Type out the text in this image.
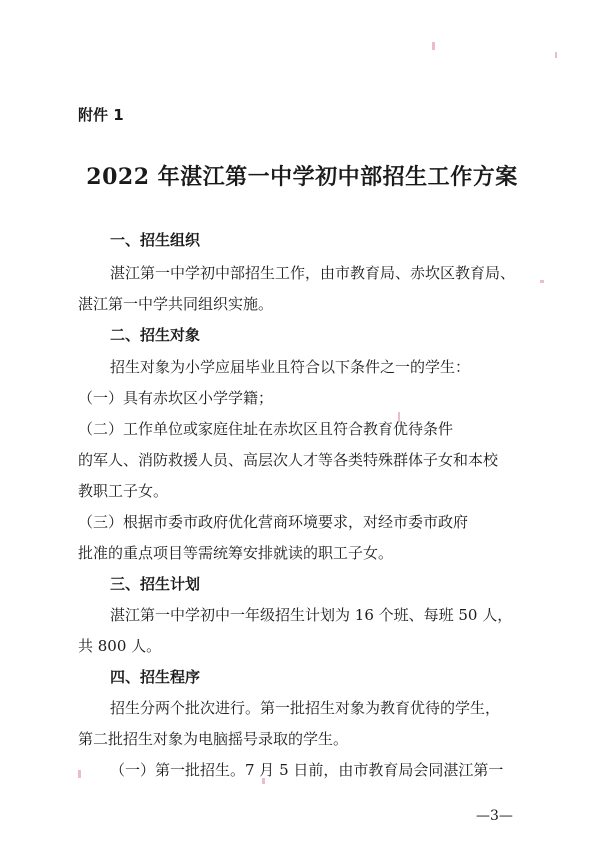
附件 1
2022 年湛江第一中学初中部招生工作方案
一、招生组织
湛江第一中学初中部招生工作，由市教育局、赤坎区教育局、
湛江第一中学共同组织实施。
二、招生对象
招生对象为小学应届毕业且符合以下条件之一的学生：
（一）具有赤坎区小学学籍；
（二）工作单位或家庭住址在赤坎区且符合教育优待条件
的军人、消防救援人员、高层次人才等各类特殊群体子女和本校
教职工子女。
（三）根据市委市政府优化营商环境要求，对经市委市政府
批准的重点项目等需统筹安排就读的职工子女。
三、招生计划
湛江第一中学初中一年级招生计划为 16 个班、每班 50 人，
共 800 人。
四、招生程序
招生分两个批次进行。第一批招生对象为教育优待的学生，
第二批招生对象为电脑摇号录取的学生。
（一）第一批招生。7 月 5 日前，由市教育局会同湛江第一
—3—
